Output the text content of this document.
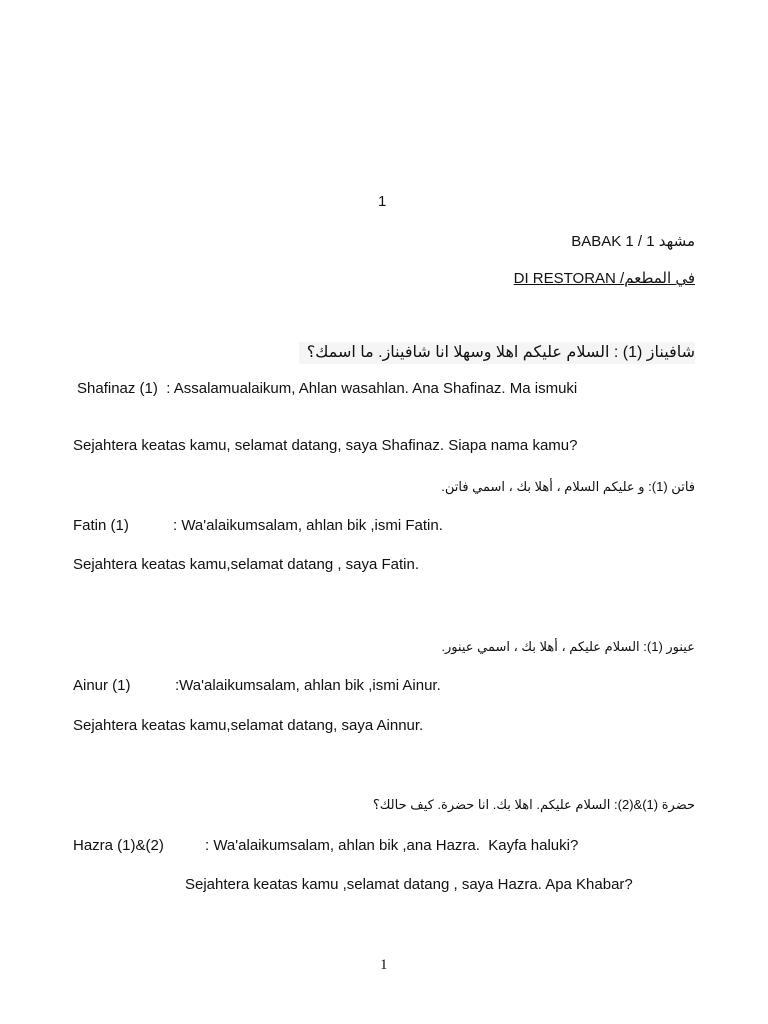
1
BABAK 1 / 1 مشهد
DI RESTORAN /في المطعم
شافيناز (1) : السلام عليكم اهلا وسهلا انا شافيناز. ما اسمك؟
Shafinaz (1)  : Assalamualaikum, Ahlan wasahlan. Ana Shafinaz. Ma ismuki
Sejahtera keatas kamu, selamat datang, saya Shafinaz. Siapa nama kamu?
فاتن (1): و عليكم السلام ، أهلا بك ، اسمي فاتن.
Fatin (1)	: Wa'alaikumsalam, ahlan bik ,ismi Fatin.
Sejahtera keatas kamu,selamat datang , saya Fatin.
عينور (1): السلام عليكم ، أهلا بك ، اسمي عينور.
Ainur (1)	:Wa'alaikumsalam, ahlan bik ,ismi Ainur.
Sejahtera keatas kamu,selamat datang, saya Ainnur.
حضرة (1)&(2): السلام عليكم. اهلا بك. انا حضرة. كيف حالك؟
Hazra (1)&(2)	: Wa'alaikumsalam, ahlan bik ,ana Hazra.  Kayfa haluki?
Sejahtera keatas kamu ,selamat datang , saya Hazra. Apa Khabar?
1
